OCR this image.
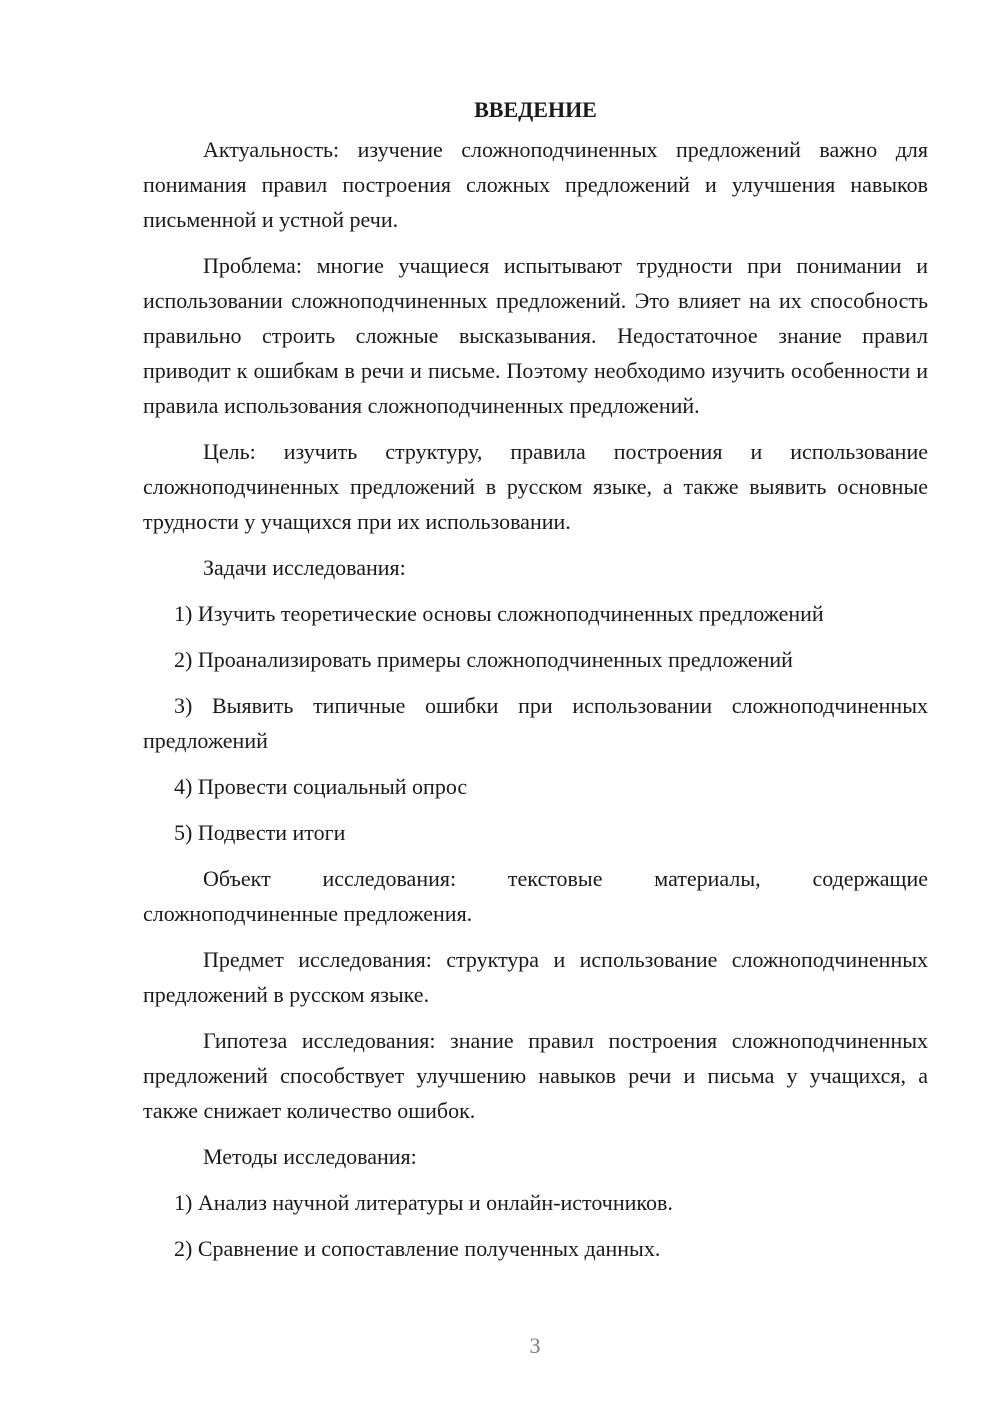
ВВЕДЕНИЕ

Актуальность: изучение сложноподчиненных предложений важно для понимания правил построения сложных предложений и улучшения навыков письменной и устной речи.

Проблема: многие учащиеся испытывают трудности при понимании и использовании сложноподчиненных предложений. Это влияет на их способность правильно строить сложные высказывания. Недостаточное знание правил приводит к ошибкам в речи и письме. Поэтому необходимо изучить особенности и правила использования сложноподчиненных предложений.

Цель: изучить структуру, правила построения и использование сложноподчиненных предложений в русском языке, а также выявить основные трудности у учащихся при их использовании.

Задачи исследования:

1) Изучить теоретические основы сложноподчиненных предложений

2) Проанализировать примеры сложноподчиненных предложений

3) Выявить типичные ошибки при использовании сложноподчиненных предложений

4) Провести социальный опрос

5) Подвести итоги

Объект исследования: текстовые материалы, содержащие сложноподчиненные предложения.

Предмет исследования: структура и использование сложноподчиненных предложений в русском языке.

Гипотеза исследования: знание правил построения сложноподчиненных предложений способствует улучшению навыков речи и письма у учащихся, а также снижает количество ошибок.

Методы исследования:

1) Анализ научной литературы и онлайн-источников.

2) Сравнение и сопоставление полученных данных.

3
